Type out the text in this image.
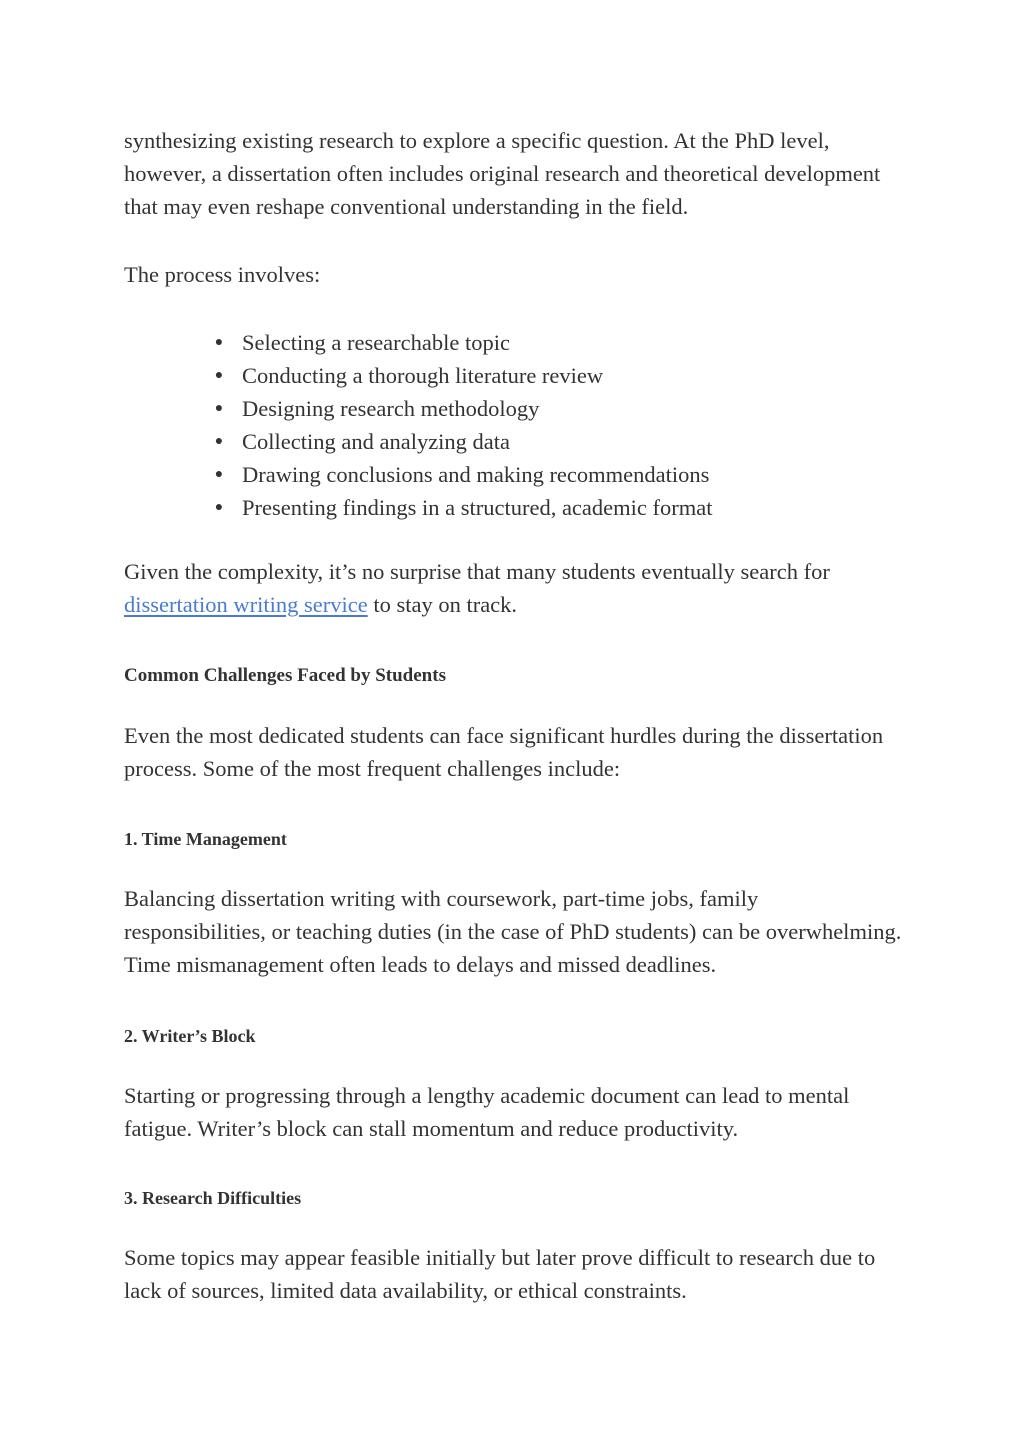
synthesizing existing research to explore a specific question. At the PhD level, however, a dissertation often includes original research and theoretical development that may even reshape conventional understanding in the field.

The process involves:

● Selecting a researchable topic
● Conducting a thorough literature review
● Designing research methodology
● Collecting and analyzing data
● Drawing conclusions and making recommendations
● Presenting findings in a structured, academic format

Given the complexity, it’s no surprise that many students eventually search for dissertation writing service to stay on track.

Common Challenges Faced by Students

Even the most dedicated students can face significant hurdles during the dissertation process. Some of the most frequent challenges include:

1. Time Management

Balancing dissertation writing with coursework, part-time jobs, family responsibilities, or teaching duties (in the case of PhD students) can be overwhelming. Time mismanagement often leads to delays and missed deadlines.

2. Writer’s Block

Starting or progressing through a lengthy academic document can lead to mental fatigue. Writer’s block can stall momentum and reduce productivity.

3. Research Difficulties

Some topics may appear feasible initially but later prove difficult to research due to lack of sources, limited data availability, or ethical constraints.
